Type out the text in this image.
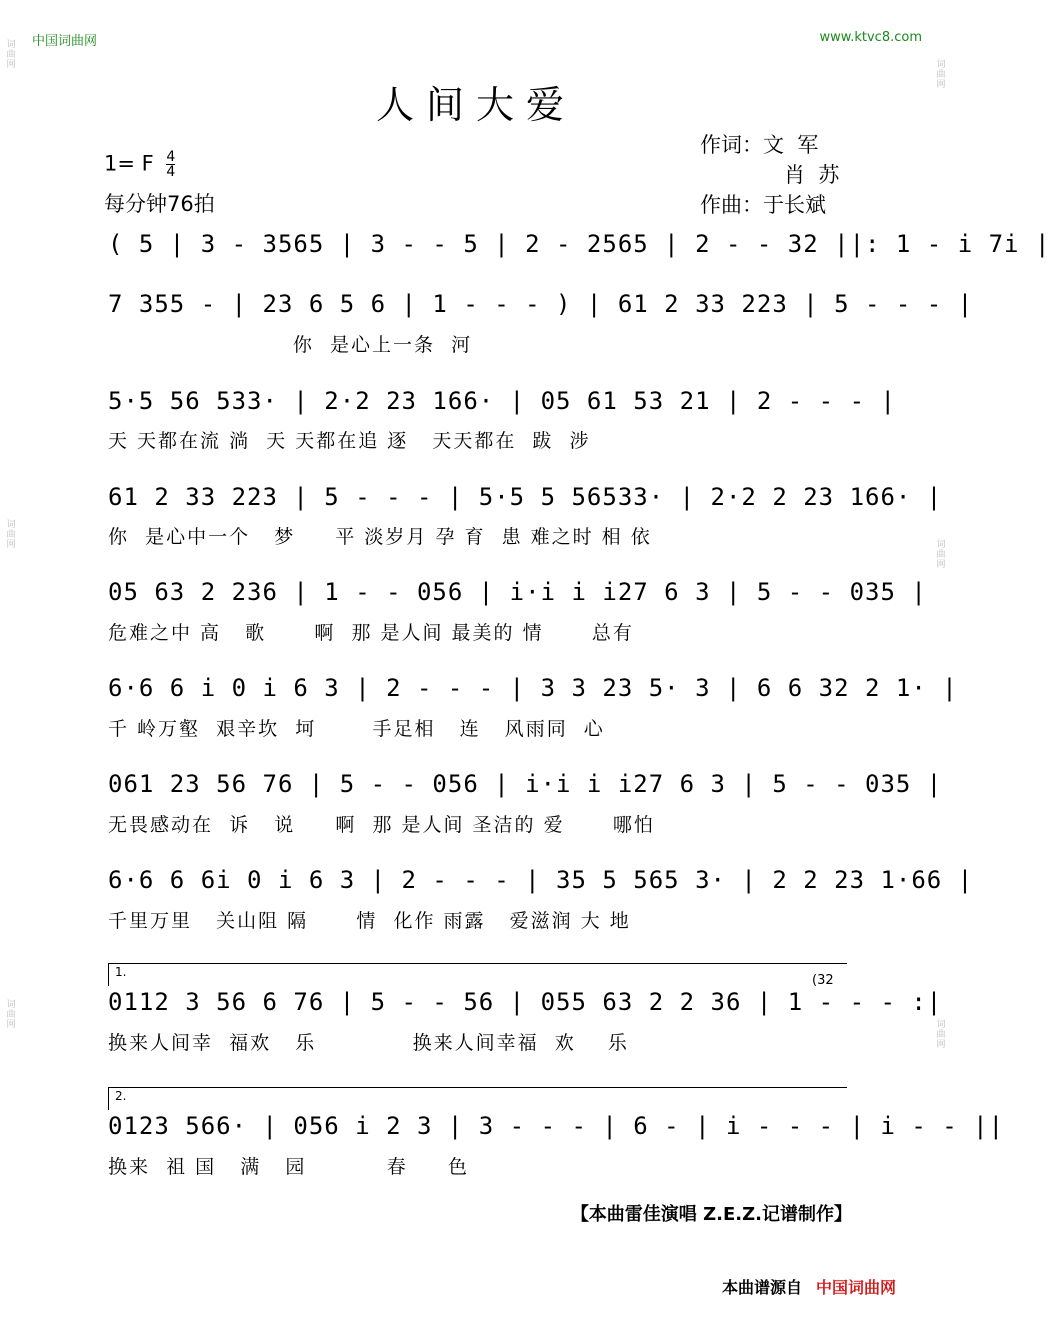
中国词曲网	www.ktvc8.com
词
曲
网
词
曲
网
词
曲
网
词
曲
网
词
曲
网
词
曲
网
人间大爱
1= F $\frac{4}{4}$
每分钟76拍
作词：文  军
肖  苏
作曲：于长斌
( 5 | 3 - 3565 | 3 - - 5 | 2 - 2565 | 2 - - 32 ||: 1 - i 7i |
7 355 - | 23 6 5 6 | 1 - - - ) | 61 2 33 223 | 5 - - - |
你  是心上一条  河
5·5 56 533· | 2·2 23 166· | 05 61 53 21 | 2 - - - |
天 天都在流 淌  天 天都在追 逐   天天都在  跋  涉
61 2 33 223 | 5 - - - | 5·5 5 56533· | 2·2 2 23 166· |
你  是心中一个   梦     平 淡岁月 孕 育  患 难之时 相 依
05 63 2 236 | 1 - - 056 | i·i i i27 6 3 | 5 - - 035 |
危难之中 高   歌      啊  那 是人间 最美的 情      总有
6·6 6 i 0 i 6 3 | 2 - - - | 3 3 23 5· 3 | 6 6 32 2 1· |
千 岭万壑  艰辛坎  坷       手足相   连   风雨同  心
061 23 56 76 | 5 - - 056 | i·i i i27 6 3 | 5 - - 035 |
无畏感动在  诉   说     啊  那 是人间 圣洁的 爱      哪怕
6·6 6 6i 0 i 6 3 | 2 - - - | 35 5 565 3· | 2 2 23 1·66 |
千里万里   关山阻 隔      情  化作 雨露   爱滋润 大 地
1.
(32
0112 3 56 6 76 | 5 - - 56 | 055 63 2 2 36 | 1 - - - :|
换来人间幸  福欢   乐            换来人间幸福  欢    乐
2.
0123 566· | 056 i 2 3 | 3 - - - | 6 - | i - - - | i - - ||
换来  祖 国   满   园          春     色
【本曲雷佳演唱 Z.E.Z.记谱制作】
本曲谱源自 中国词曲网
